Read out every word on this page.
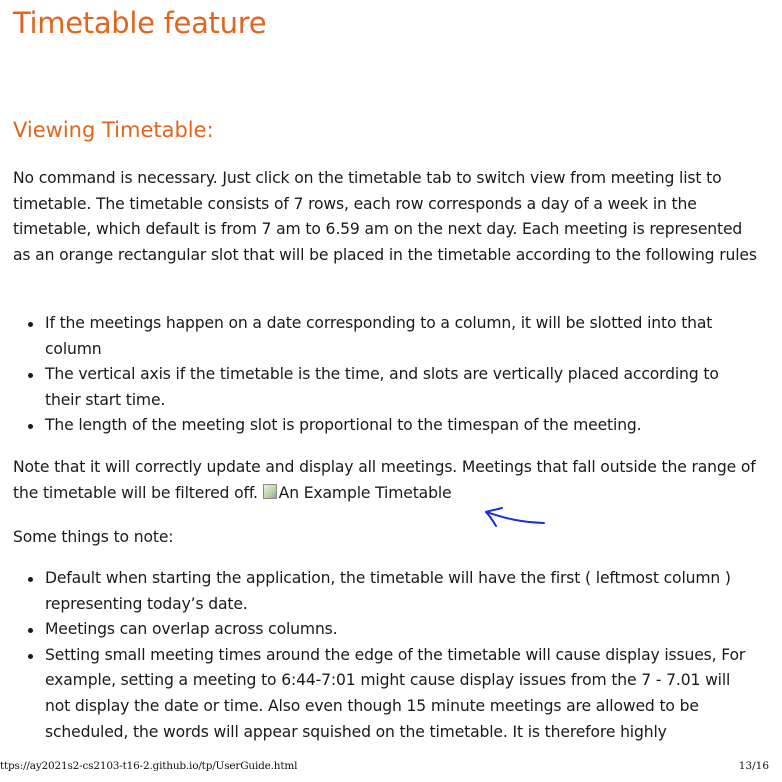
Timetable feature
Viewing Timetable:

No command is necessary. Just click on the timetable tab to switch view from meeting list to timetable. The timetable consists of 7 rows, each row corresponds a day of a week in the timetable, which default is from 7 am to 6.59 am on the next day. Each meeting is represented as an orange rectangular slot that will be placed in the timetable according to the following rules

If the meetings happen on a date corresponding to a column, it will be slotted into that column
The vertical axis if the timetable is the time, and slots are vertically placed according to their start time.
The length of the meeting slot is proportional to the timespan of the meeting.

Note that it will correctly update and display all meetings. Meetings that fall outside the range of the timetable will be filtered off. An Example Timetable

Some things to note:

Default when starting the application, the timetable will have the first ( leftmost column ) representing today’s date.
Meetings can overlap across columns.
Setting small meeting times around the edge of the timetable will cause display issues, For example, setting a meeting to 6:44-7:01 might cause display issues from the 7 - 7.01 will not display the date or time. Also even though 15 minute meetings are allowed to be scheduled, the words will appear squished on the timetable. It is therefore highly
ttps://ay2021s2-cs2103-t16-2.github.io/tp/UserGuide.html	13/16
